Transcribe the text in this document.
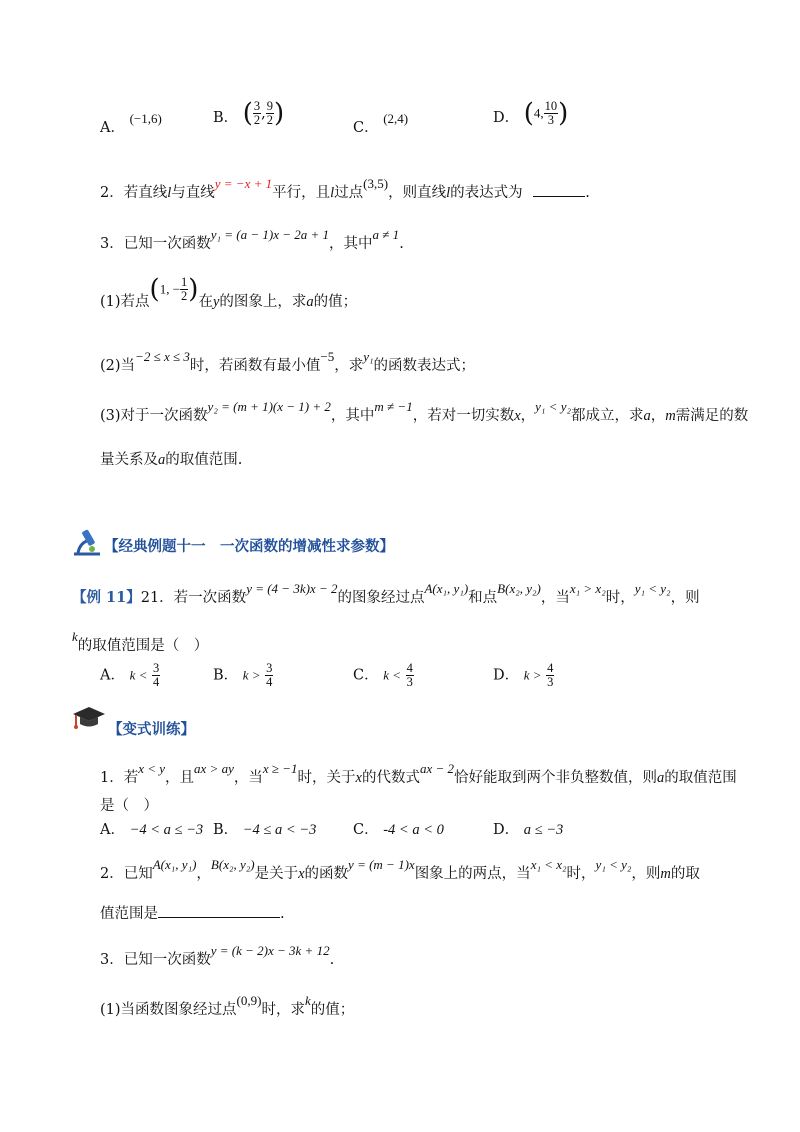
A． (−1,6)	B． ( $\frac{3}{2}$ , $\frac{9}{2}$ )	C． (2,4)	D． (4, $\frac{10}{3}$ )
2．若直线l与直线y = −x + 1平行，且l过点(3,5)，则直线l的表达式为	.
3．已知一次函数y₁ = (a − 1)x − 2a + 1，其中a ≠ 1.
(1)若点(1, − $\frac{1}{2}$ )在y的图象上，求a的值；
(2)当−2 ≤ x ≤ 3时，若函数有最小值−5，求y₁的函数表达式；
(3)对于一次函数y₂ = (m + 1)(x − 1) + 2，其中m ≠ −1，若对一切实数x，y₁ < y₂都成立，求a，m需满足的数
量关系及a的取值范围.
【经典例题十一　一次函数的增减性求参数】
【例 11】21．若一次函数y = (4 − 3k)x − 2的图象经过点A(x₁, y₁)和点B(x₂, y₂)，当x₁ > x₂时，y₁ < y₂，则
k的取值范围是（　）
A． $k < \frac{3}{4}$	B． $k > \frac{3}{4}$	C． $k < \frac{4}{3}$	D． $k > \frac{4}{3}$
【变式训练】
1．若x < y，且ax > ay，当x ≥ −1时，关于x的代数式ax − 2恰好能取到两个非负整数值，则a的取值范围
是（　）
A． −4 < a ≤ −3 B． −4 ≤ a < −3	C． -4 < a < 0	D． a ≤ −3
2．已知A(x₁, y₁)，B(x₂, y₂)是关于x的函数y = (m − 1)x图象上的两点，当x₁ < x₂时，y₁ < y₂，则m的取
值范围是	.
3．已知一次函数y = (k − 2)x − 3k + 12.
(1)当函数图象经过点(0,9)时，求k的值；
